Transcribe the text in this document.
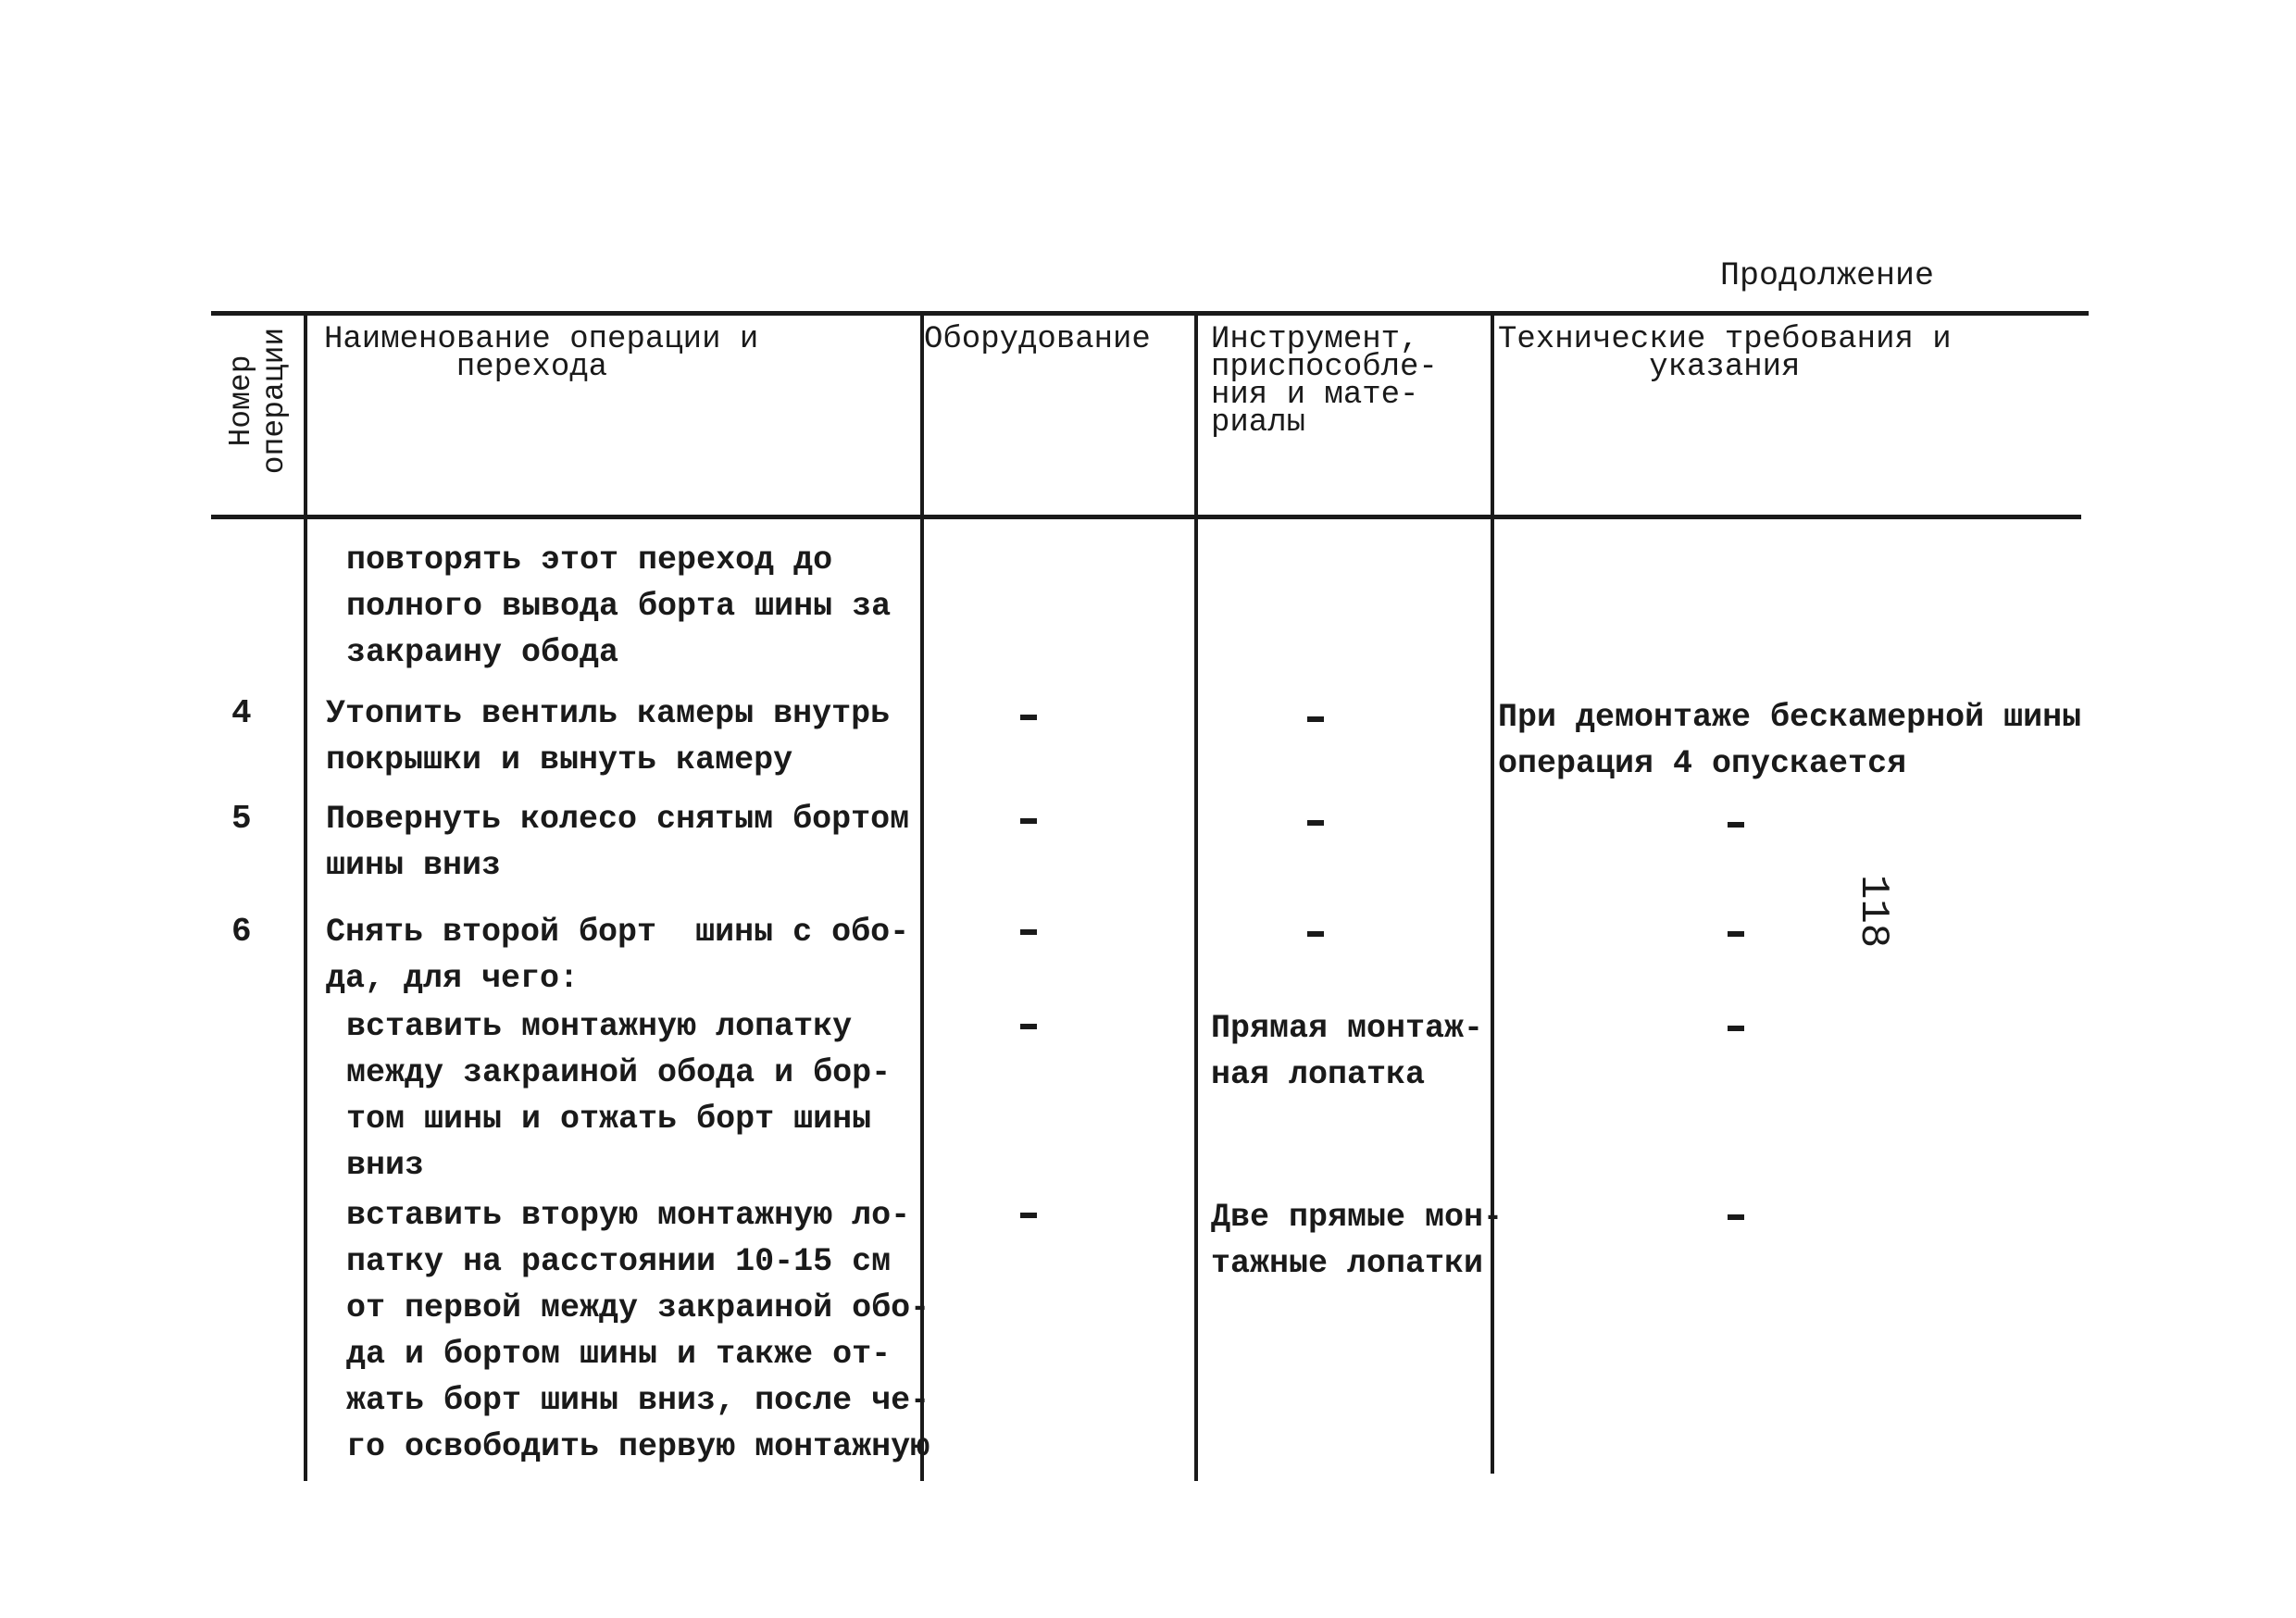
Продолжение
Номер
операции Наименование операции и
перехода
Оборудование Инструмент,
приспособле-
ния и мате-
риалы
Технические требования и
указания
повторять этот переход до
полного вывода борта шины за
закраину обода
4 Утопить вентиль камеры внутрь
покрышки и вынуть камеру
При демонтаже бескамерной шины
операция 4 опускается
5 Повернуть колесо снятым бортом
шины вниз
118
6 Снять второй борт  шины с обо-
да, для чего:
вставить монтажную лопатку
между закраиной обода и бор-
том шины и отжать борт шины
вниз
Прямая монтаж-
ная лопатка
вставить вторую монтажную ло-
патку на расстоянии 10-15 см
от первой между закраиной обо-
да и бортом шины и также от-
жать борт шины вниз, после че-
го освободить первую монтажную
Две прямые мон-
тажные лопатки
